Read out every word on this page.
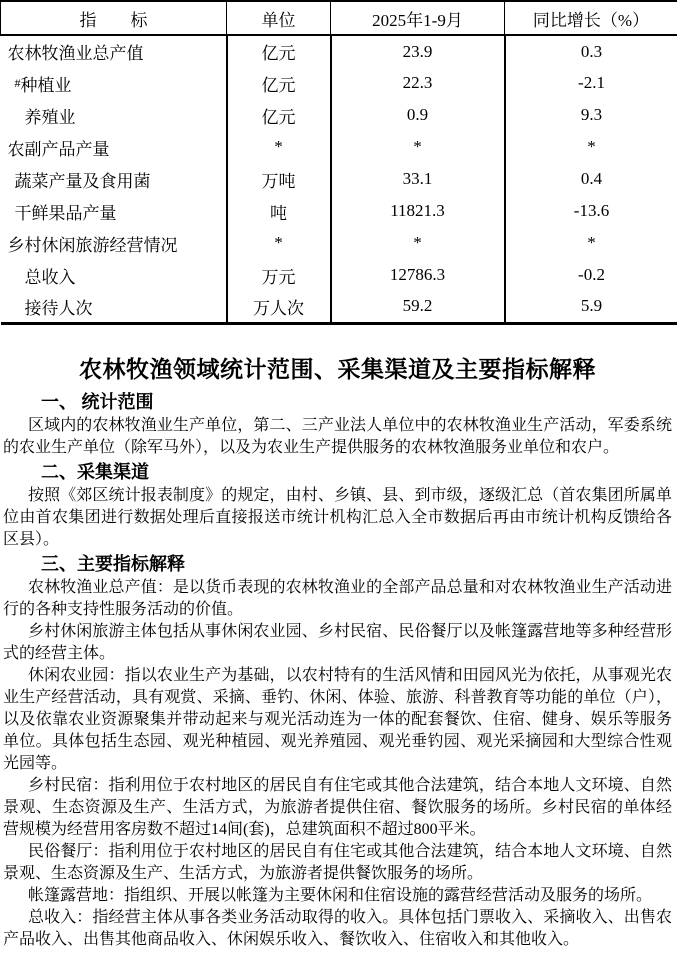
指　　标	单位	2025年1-9月	同比增长（%）
农林牧渔业总产值	亿元	23.9	0.3
#种植业	亿元	22.3	-2.1
养殖业	亿元	0.9	9.3
农副产品产量	*	*	*
蔬菜产量及食用菌	万吨	33.1	0.4
干鲜果品产量	吨	11821.3	-13.6
乡村休闲旅游经营情况	*	*	*
总收入	万元	12786.3	-0.2
接待人次	万人次	59.2	5.9
农林牧渔领域统计范围、采集渠道及主要指标解释
一、 统计范围

区域内的农林牧渔业生产单位，第二、三产业法人单位中的农林牧渔业生产活动，军委系统的农业生产单位（除军马外），以及为农业生产提供服务的农林牧渔服务业单位和农户。

二、采集渠道

按照《郊区统计报表制度》的规定，由村、乡镇、县、到市级，逐级汇总（首农集团所属单位由首农集团进行数据处理后直接报送市统计机构汇总入全市数据后再由市统计机构反馈给各区县）。

三、主要指标解释

农林牧渔业总产值：是以货币表现的农林牧渔业的全部产品总量和对农林牧渔业生产活动进行的各种支持性服务活动的价值。

乡村休闲旅游主体包括从事休闲农业园、乡村民宿、民俗餐厅以及帐篷露营地等多种经营形式的经营主体。

休闲农业园：指以农业生产为基础，以农村特有的生活风情和田园风光为依托，从事观光农业生产经营活动，具有观赏、采摘、垂钓、休闲、体验、旅游、科普教育等功能的单位（户），以及依靠农业资源聚集并带动起来与观光活动连为一体的配套餐饮、住宿、健身、娱乐等服务单位。具体包括生态园、观光种植园、观光养殖园、观光垂钓园、观光采摘园和大型综合性观光园等。

乡村民宿：指利用位于农村地区的居民自有住宅或其他合法建筑，结合本地人文环境、自然景观、生态资源及生产、生活方式，为旅游者提供住宿、餐饮服务的场所。乡村民宿的单体经营规模为经营用客房数不超过14间(套)，总建筑面积不超过800平米。

民俗餐厅：指利用位于农村地区的居民自有住宅或其他合法建筑，结合本地人文环境、自然景观、生态资源及生产、生活方式，为旅游者提供餐饮服务的场所。

帐篷露营地：指组织、开展以帐篷为主要休闲和住宿设施的露营经营活动及服务的场所。

总收入：指经营主体从事各类业务活动取得的收入。具体包括门票收入、采摘收入、出售农产品收入、出售其他商品收入、休闲娱乐收入、餐饮收入、住宿收入和其他收入。
